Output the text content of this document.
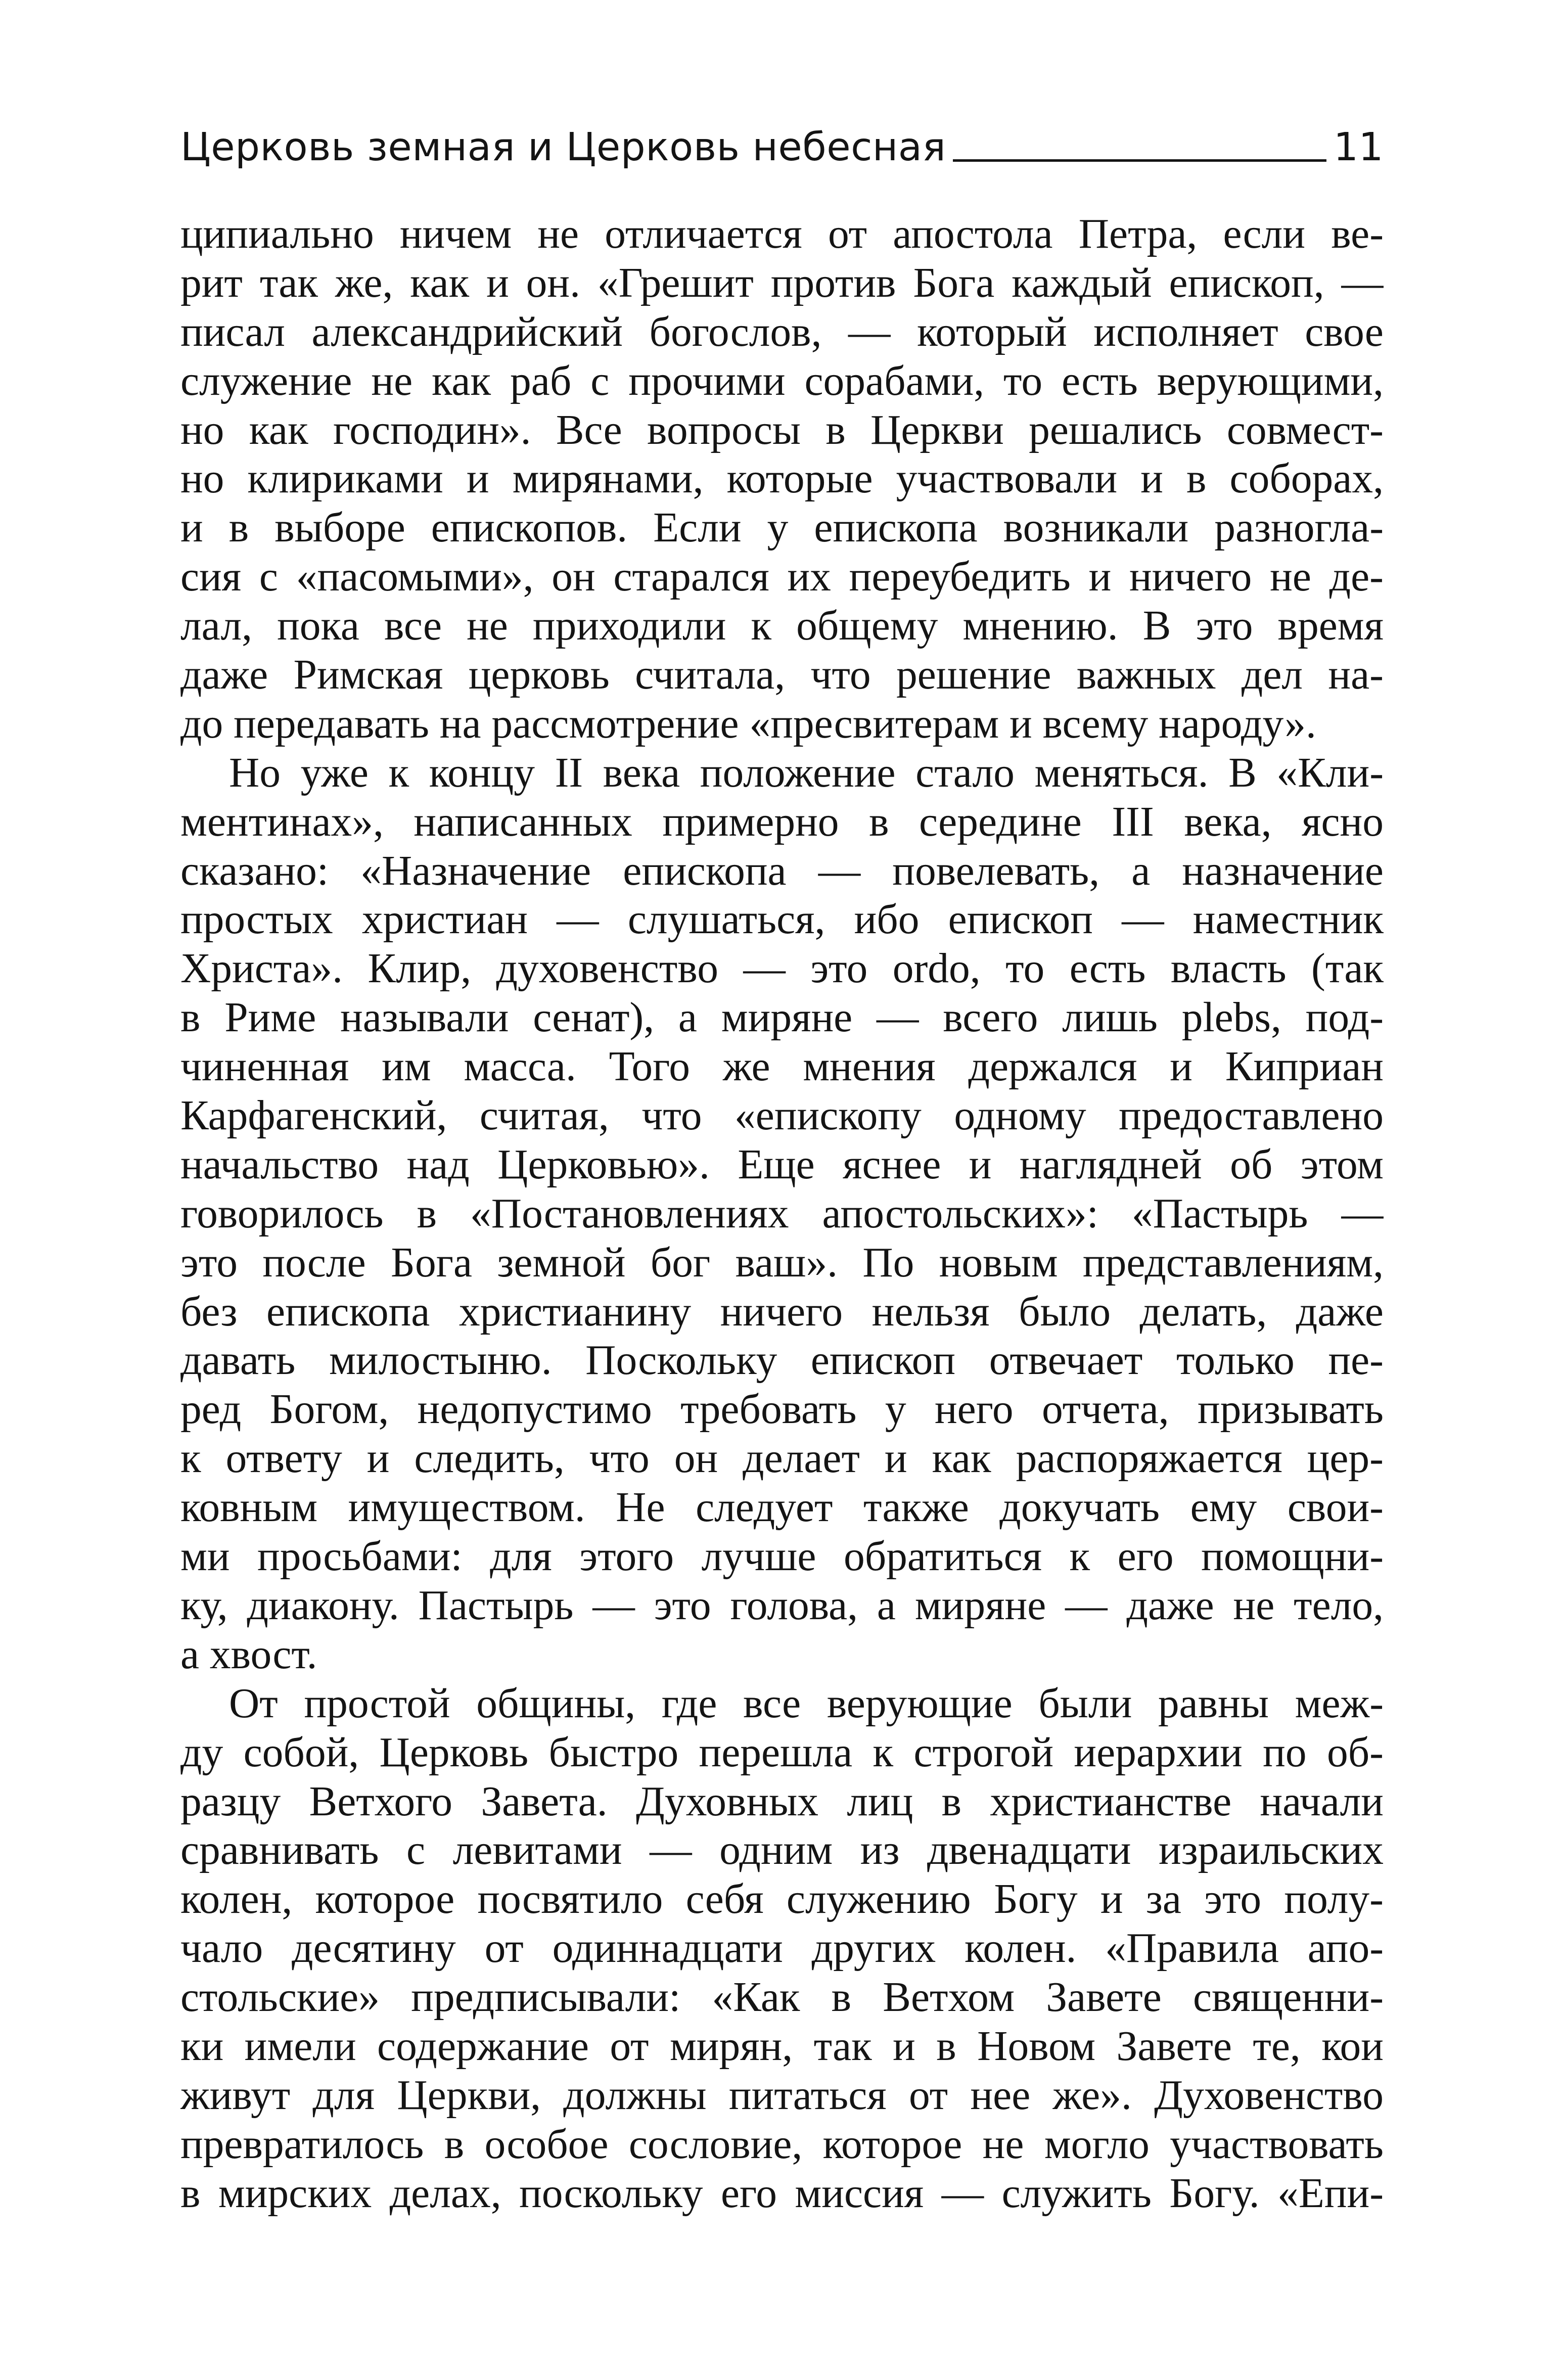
Церковь земная и Церковь небесная	11
ципиально ничем не отличается от апостола Петра, если ве-
рит так же, как и он. «Грешит против Бога каждый епископ, —
писал александрийский богослов, — который исполняет свое
служение не как раб с прочими сорабами, то есть верующими,
но как господин». Все вопросы в Церкви решались совмест-
но клириками и мирянами, которые участвовали и в соборах,
и в выборе епископов. Если у епископа возникали разногла-
сия с «пасомыми», он старался их переубедить и ничего не де-
лал, пока все не приходили к общему мнению. В это время
даже Римская церковь считала, что решение важных дел на-
до передавать на рассмотрение «пресвитерам и всему народу».
Но уже к концу II века положение стало меняться. В «Кли-
ментинах», написанных примерно в середине III века, ясно
сказано: «Назначение епископа — повелевать, а назначение
простых христиан — слушаться, ибо епископ — наместник
Христа». Клир, духовенство — это ordo, то есть власть (так
в Риме называли сенат), а миряне — всего лишь plebs, под-
чиненная им масса. Того же мнения держался и Киприан
Карфагенский, считая, что «епископу одному предоставлено
начальство над Церковью». Еще яснее и наглядней об этом
говорилось в «Постановлениях апостольских»: «Пастырь —
это после Бога земной бог ваш». По новым представлениям,
без епископа христианину ничего нельзя было делать, даже
давать милостыню. Поскольку епископ отвечает только пе-
ред Богом, недопустимо требовать у него отчета, призывать
к ответу и следить, что он делает и как распоряжается цер-
ковным имуществом. Не следует также докучать ему свои-
ми просьбами: для этого лучше обратиться к его помощни-
ку, диакону. Пастырь — это голова, а миряне — даже не тело,
а хвост.
От простой общины, где все верующие были равны меж-
ду собой, Церковь быстро перешла к строгой иерархии по об-
разцу Ветхого Завета. Духовных лиц в христианстве начали
сравнивать с левитами — одним из двенадцати израильских
колен, которое посвятило себя служению Богу и за это полу-
чало десятину от одиннадцати других колен. «Правила апо-
стольские» предписывали: «Как в Ветхом Завете священни-
ки имели содержание от мирян, так и в Новом Завете те, кои
живут для Церкви, должны питаться от нее же». Духовенство
превратилось в особое сословие, которое не могло участвовать
в мирских делах, поскольку его миссия — служить Богу. «Епи-
